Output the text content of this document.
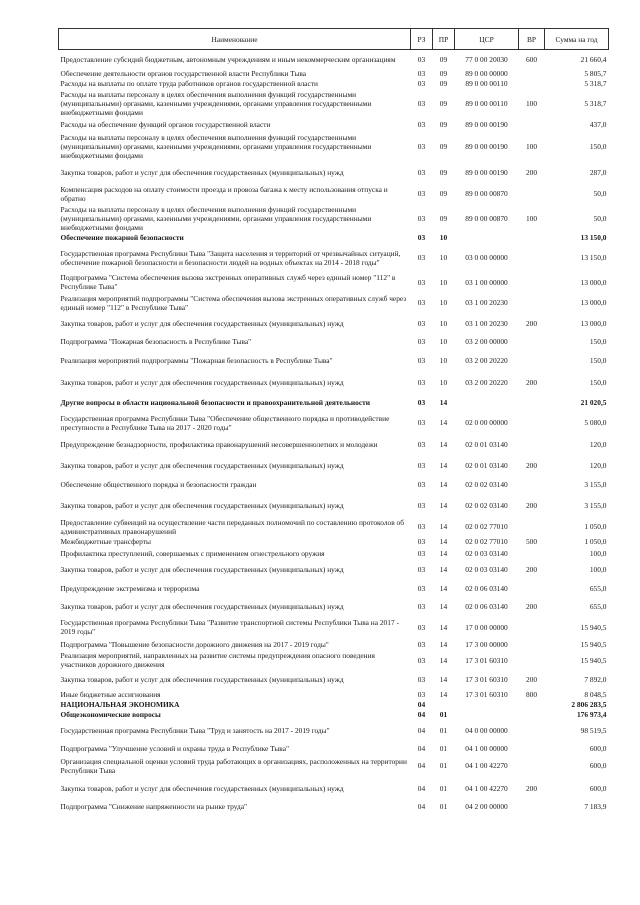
Наименование	РЗ	ПР	ЦСР	ВР	Сумма на год
Предоставление субсидий бюджетным, автономным учреждениям и иным некоммерческим организациям	03	09	77 0 00 20030	600	21 660,4
Обеспечение деятельности органов государственной власти Республики Тыва	03	09	89 0 00 00000		5 805,7
Расходы на выплаты по оплате труда работников органов государственной власти	03	09	89 0 00 00110		5 318,7
Расходы на выплаты персоналу в целях обеспечения выполнения функций государственными (муниципальными) органами, казенными учреждениями, органами управления государственными внебюджетными фондами	03	09	89 0 00 00110	100	5 318,7
Расходы на обеспечение функций органов государственной власти	03	09	89 0 00 00190		437,0
Расходы на выплаты персоналу в целях обеспечения выполнения функций государственными (муниципальными) органами, казенными учреждениями, органами управления государственными внебюджетными фондами	03	09	89 0 00 00190	100	150,0
Закупка товаров, работ и услуг для обеспечения государственных (муниципальных) нужд	03	09	89 0 00 00190	200	287,0
Компенсация расходов на оплату стоимости проезда и провоза багажа к месту использования отпуска и обратно	03	09	89 0 00 00870		50,0
Расходы на выплаты персоналу в целях обеспечения выполнения функций государственными (муниципальными) органами, казенными учреждениями, органами управления государственными внебюджетными фондами	03	09	89 0 00 00870	100	50,0
Обеспечение пожарной безопасности	03	10			13 150,0
Государственная программа Республики Тыва "Защита населения и территорий от чрезвычайных ситуаций, обеспечение пожарной безопасности и безопасности людей на водных объектах на 2014 - 2018 годы"	03	10	03 0 00 00000		13 150,0
Подпрограмма "Система обеспечения вызова экстренных оперативных служб через единый номер "112" в Республике Тыва"	03	10	03 1 00 00000		13 000,0
Реализация мероприятий подпрограммы "Система обеспечения вызова экстренных оперативных служб через единый номер "112" в Республике Тыва"	03	10	03 1 00 20230		13 000,0
Закупка товаров, работ и услуг для обеспечения государственных (муниципальных) нужд	03	10	03 1 00 20230	200	13 000,0
Подпрограмма "Пожарная безопасность в Республике Тыва"	03	10	03 2 00 00000		150,0
Реализация мероприятий подпрограммы "Пожарная безопасность в Республике Тыва"	03	10	03 2 00 20220		150,0
Закупка товаров, работ и услуг для обеспечения государственных (муниципальных) нужд	03	10	03 2 00 20220	200	150,0
Другие вопросы в области национальной безопасности и правоохранительной деятельности	03	14			21 020,5
Государственная программа Республики Тыва "Обеспечение общественного порядка и противодействие преступности в Республике Тыва на 2017 - 2020 годы"	03	14	02 0 00 00000		5 080,0
Предупреждение безнадзорности, профилактика правонарушений несовершеннолетних и молодежи	03	14	02 0 01 03140		120,0
Закупка товаров, работ и услуг для обеспечения государственных (муниципальных) нужд	03	14	02 0 01 03140	200	120,0
Обеспечение общественного порядка и безопасности граждан	03	14	02 0 02 03140		3 155,0
Закупка товаров, работ и услуг для обеспечения государственных (муниципальных) нужд	03	14	02 0 02 03140	200	3 155,0
Предоставление субвенций на осуществление части переданных полномочий по составлению протоколов об административных правонарушений	03	14	02 0 02 77010		1 050,0
Межбюджетные трансферты	03	14	02 0 02 77010	500	1 050,0
Профилактика преступлений, совершаемых с применением огнестрельного оружия	03	14	02 0 03 03140		100,0
Закупка товаров, работ и услуг для обеспечения государственных (муниципальных) нужд	03	14	02 0 03 03140	200	100,0
Предупреждение экстремизма и терроризма	03	14	02 0 06 03140		655,0
Закупка товаров, работ и услуг для обеспечения государственных (муниципальных) нужд	03	14	02 0 06 03140	200	655,0
Государственная программа Республики Тыва "Развитие транспортной системы Республики Тыва на 2017 - 2019 годы"	03	14	17 0 00 00000		15 940,5
Подпрограмма "Повышение безопасности дорожного движения на 2017 - 2019 годы"	03	14	17 3 00 00000		15 940,5
Реализация мероприятий, направленных на развитие системы предупреждения опасного поведения участников дорожного движения	03	14	17 3 01 60310		15 940,5
Закупка товаров, работ и услуг для обеспечения государственных (муниципальных) нужд	03	14	17 3 01 60310	200	7 892,0
Иные бюджетные ассигнования	03	14	17 3 01 60310	800	8 048,5
НАЦИОНАЛЬНАЯ ЭКОНОМИКА	04				2 806 283,5
Общеэкономические вопросы	04	01			176 973,4
Государственная программа Республики Тыва "Труд и занятость на 2017 - 2019 годы"	04	01	04 0 00 00000		98 519,5
Подпрограмма "Улучшение условий и охраны труда в Республике Тыва"	04	01	04 1 00 00000		600,0
Организация специальной оценки условий труда работающих в организациях, расположенных на территории Республики Тыва	04	01	04 1 00 42270		600,0
Закупка товаров, работ и услуг для обеспечения государственных (муниципальных) нужд	04	01	04 1 00 42270	200	600,0
Подпрограмма "Снижение напряженности на рынке труда"	04	01	04 2 00 00000		7 183,9
